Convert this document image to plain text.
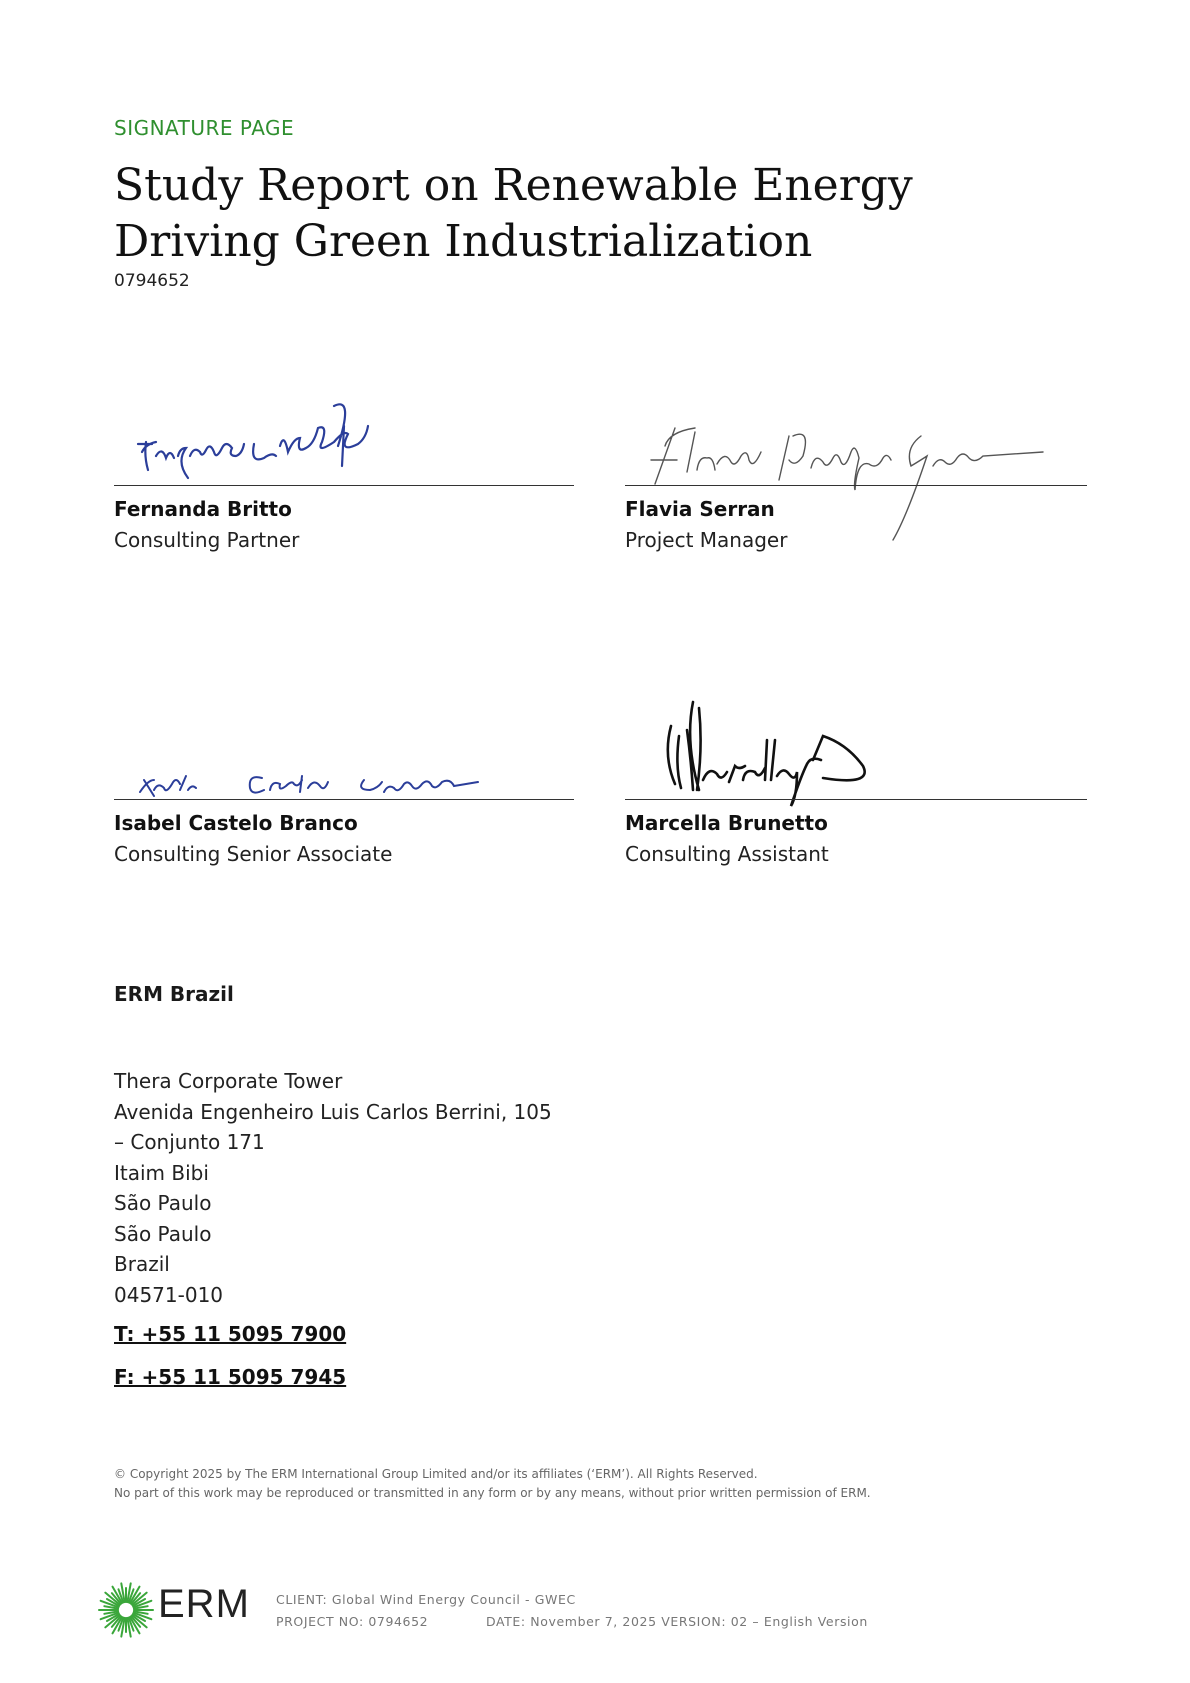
SIGNATURE PAGE
Study Report on Renewable Energy Driving Green Industrialization
0794652
Fernanda Britto
Consulting Partner
Flavia Serran
Project Manager
Isabel Castelo Branco
Consulting Senior Associate
Marcella Brunetto
Consulting Assistant
ERM Brazil
Thera Corporate Tower
Avenida Engenheiro Luis Carlos Berrini, 105
– Conjunto 171
Itaim Bibi
São Paulo
São Paulo
Brazil
04571-010
T: +55 11 5095 7900
F: +55 11 5095 7945
© Copyright 2025 by The ERM International Group Limited and/or its affiliates (‘ERM’). All Rights Reserved.
No part of this work may be reproduced or transmitted in any form or by any means, without prior written permission of ERM.
ERM CLIENT: Global Wind Energy Council - GWEC
PROJECT NO: 0794652	DATE: November 7, 2025 VERSION: 02 – English Version
